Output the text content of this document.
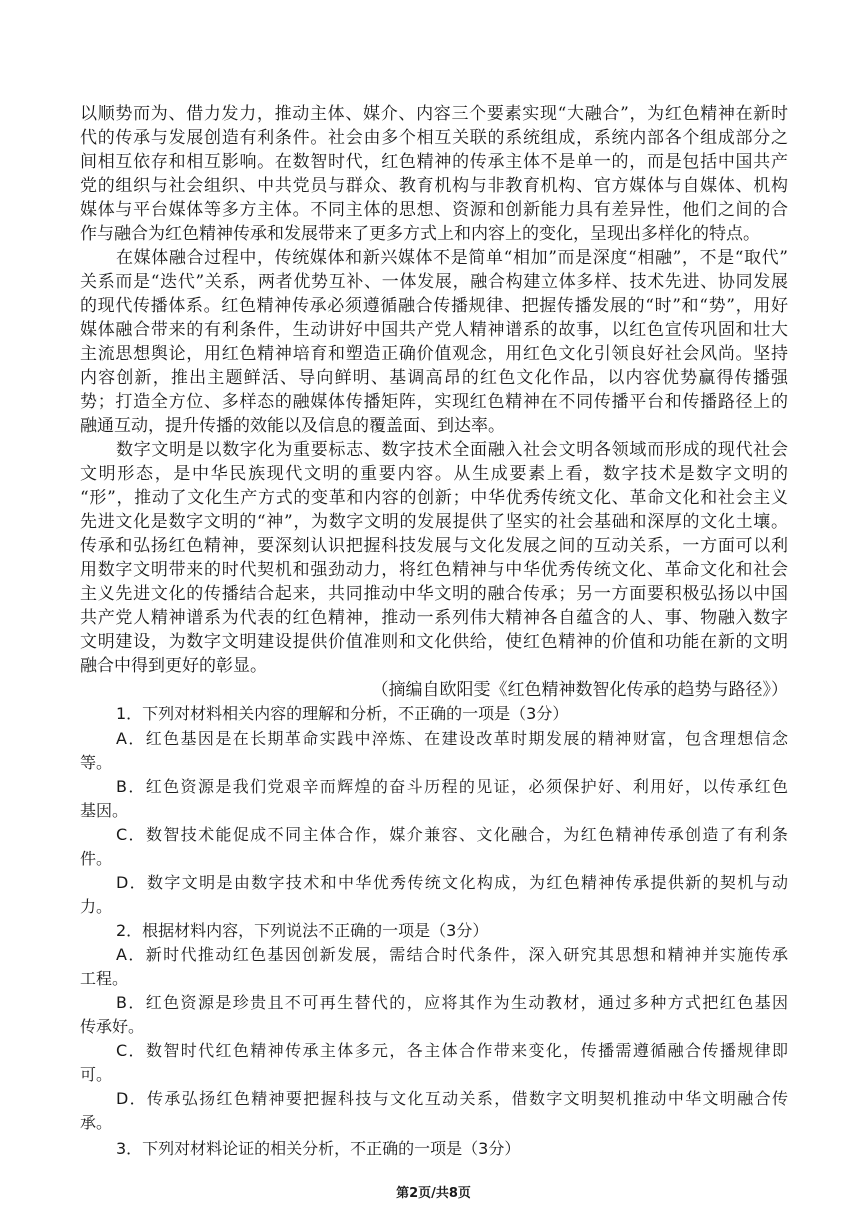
以顺势而为、借力发力，推动主体、媒介、内容三个要素实现“大融合”，为红色精神在新时
代的传承与发展创造有利条件。社会由多个相互关联的系统组成，系统内部各个组成部分之
间相互依存和相互影响。在数智时代，红色精神的传承主体不是单一的，而是包括中国共产
党的组织与社会组织、中共党员与群众、教育机构与非教育机构、官方媒体与自媒体、机构
媒体与平台媒体等多方主体。不同主体的思想、资源和创新能力具有差异性，他们之间的合
作与融合为红色精神传承和发展带来了更多方式上和内容上的变化，呈现出多样化的特点。
在媒体融合过程中，传统媒体和新兴媒体不是简单“相加”而是深度“相融”，不是“取代”
关系而是“迭代”关系，两者优势互补、一体发展，融合构建立体多样、技术先进、协同发展
的现代传播体系。红色精神传承必须遵循融合传播规律、把握传播发展的“时”和“势”，用好
媒体融合带来的有利条件，生动讲好中国共产党人精神谱系的故事，以红色宣传巩固和壮大
主流思想舆论，用红色精神培育和塑造正确价值观念，用红色文化引领良好社会风尚。坚持
内容创新，推出主题鲜活、导向鲜明、基调高昂的红色文化作品，以内容优势赢得传播强
势；打造全方位、多样态的融媒体传播矩阵，实现红色精神在不同传播平台和传播路径上的
融通互动，提升传播的效能以及信息的覆盖面、到达率。
数字文明是以数字化为重要标志、数字技术全面融入社会文明各领域而形成的现代社会
文明形态，是中华民族现代文明的重要内容。从生成要素上看，数字技术是数字文明的
“形”，推动了文化生产方式的变革和内容的创新；中华优秀传统文化、革命文化和社会主义
先进文化是数字文明的“神”，为数字文明的发展提供了坚实的社会基础和深厚的文化土壤。
传承和弘扬红色精神，要深刻认识把握科技发展与文化发展之间的互动关系，一方面可以利
用数字文明带来的时代契机和强劲动力，将红色精神与中华优秀传统文化、革命文化和社会
主义先进文化的传播结合起来，共同推动中华文明的融合传承；另一方面要积极弘扬以中国
共产党人精神谱系为代表的红色精神，推动一系列伟大精神各自蕴含的人、事、物融入数字
文明建设，为数字文明建设提供价值准则和文化供给，使红色精神的价值和功能在新的文明
融合中得到更好的彰显。
（摘编自欧阳雯《红色精神数智化传承的趋势与路径》）
1．下列对材料相关内容的理解和分析，不正确的一项是（3分）
A．红色基因是在长期革命实践中淬炼、在建设改革时期发展的精神财富，包含理想信念
等。
B．红色资源是我们党艰辛而辉煌的奋斗历程的见证，必须保护好、利用好，以传承红色
基因。
C．数智技术能促成不同主体合作，媒介兼容、文化融合，为红色精神传承创造了有利条
件。
D．数字文明是由数字技术和中华优秀传统文化构成，为红色精神传承提供新的契机与动
力。
2．根据材料内容，下列说法不正确的一项是（3分）
A．新时代推动红色基因创新发展，需结合时代条件，深入研究其思想和精神并实施传承
工程。
B．红色资源是珍贵且不可再生替代的，应将其作为生动教材，通过多种方式把红色基因
传承好。
C．数智时代红色精神传承主体多元，各主体合作带来变化，传播需遵循融合传播规律即
可。
D．传承弘扬红色精神要把握科技与文化互动关系，借数字文明契机推动中华文明融合传
承。
3．下列对材料论证的相关分析，不正确的一项是（3分）
第2页/共8页
